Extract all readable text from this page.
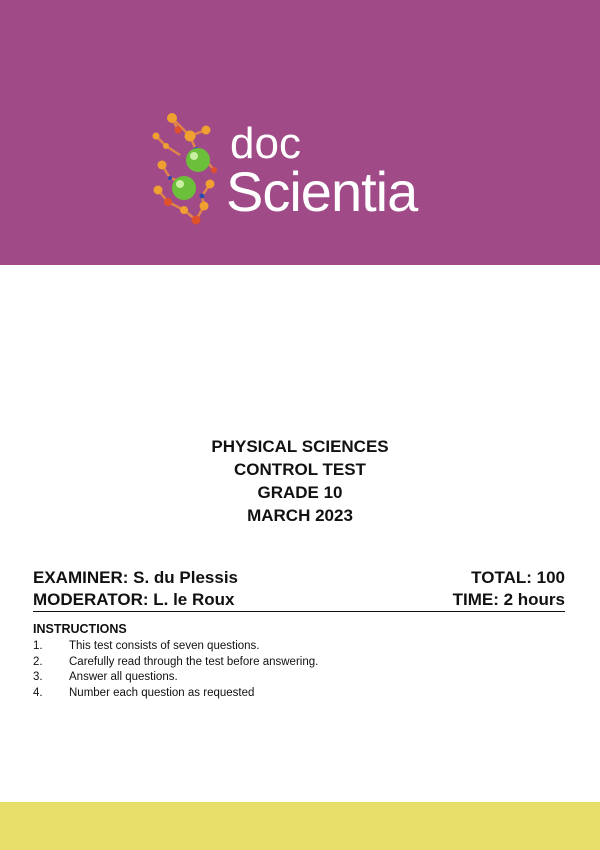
doc
Scientia
PHYSICAL SCIENCES
CONTROL TEST
GRADE 10
MARCH 2023
EXAMINER: S. du Plessis	TOTAL: 100
MODERATOR: L. le Roux	TIME: 2 hours
INSTRUCTIONS
1. This test consists of seven questions.
2. Carefully read through the test before answering.
3. Answer all questions.
4. Number each question as requested
